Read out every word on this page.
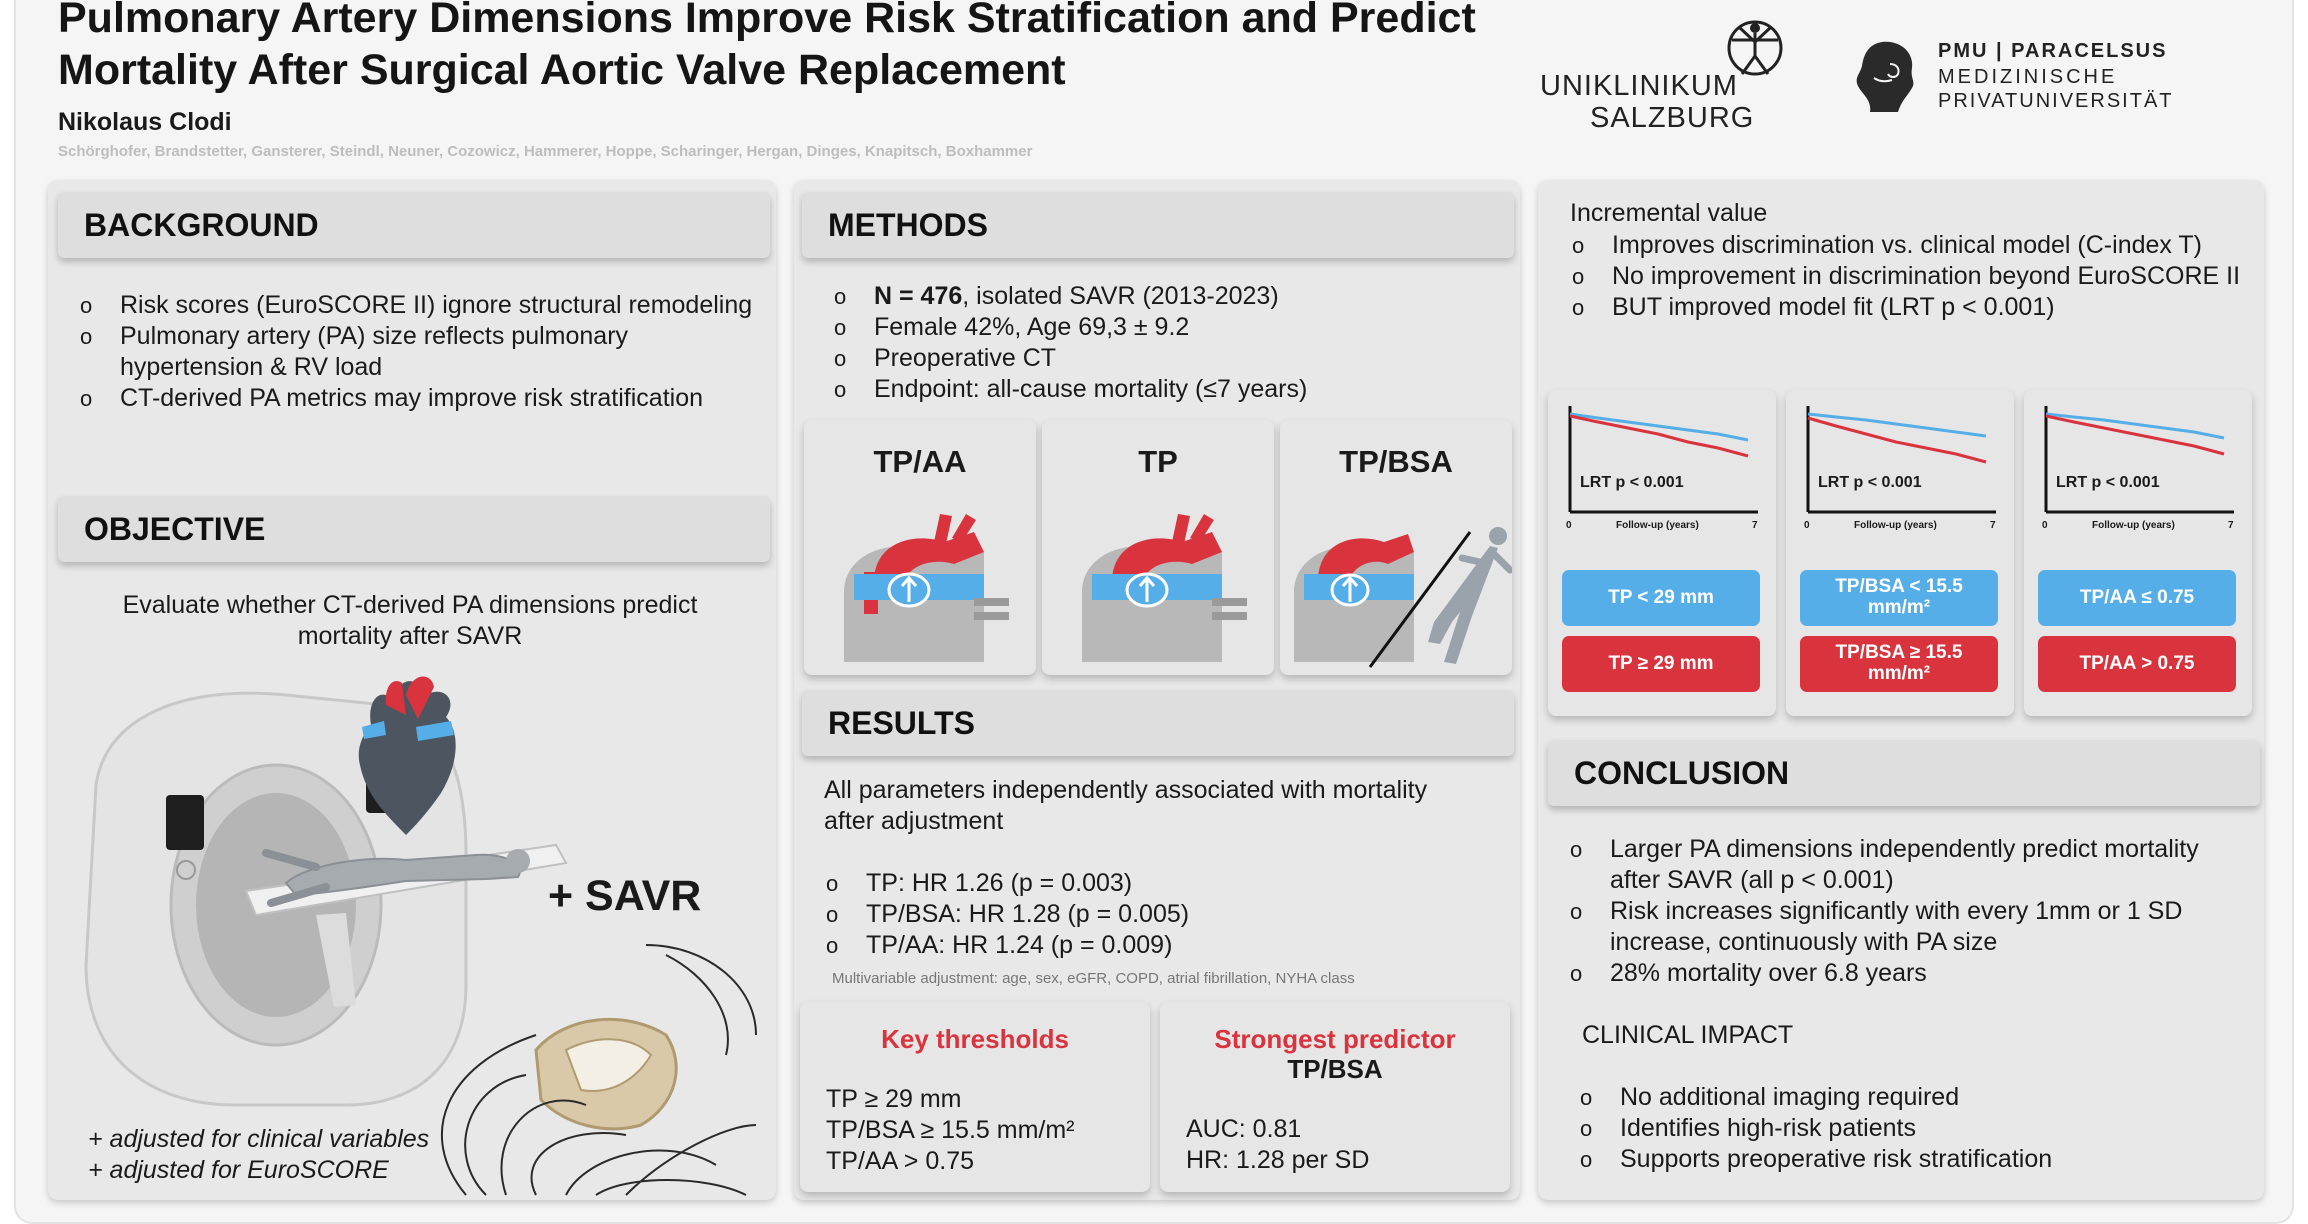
Pulmonary Artery Dimensions Improve Risk Stratification and Predict Mortality After Surgical Aortic Valve Replacement
Nikolaus Clodi
Schörghofer, Brandstetter, Gansterer, Steindl, Neuner, Cozowicz, Hammerer, Hoppe, Scharinger, Hergan, Dinges, Knapitsch, Boxhammer
UNIKLINIKUM
SALZBURG
PMU | PARACELSUS
MEDIZINISCHE
PRIVATUNIVERSITÄT
BACKGROUND
o Risk scores (EuroSCORE II) ignore structural remodeling
o Pulmonary artery (PA) size reflects pulmonary hypertension & RV load
o CT-derived PA metrics may improve risk stratification
OBJECTIVE
Evaluate whether CT-derived PA dimensions predict mortality after SAVR
+ SAVR
+ adjusted for clinical variables
+ adjusted for EuroSCORE
METHODS
o N = 476, isolated SAVR (2013-2023)
o Female 42%, Age 69,3 ± 9.2
o Preoperative CT
o Endpoint: all-cause mortality (≤7 years)
TP/AA	TP	TP/BSA
RESULTS
All parameters independently associated with mortality after adjustment
o TP: HR 1.26 (p = 0.003)
o TP/BSA: HR 1.28 (p = 0.005)
o TP/AA: HR 1.24 (p = 0.009)
Multivariable adjustment: age, sex, eGFR, COPD, atrial fibrillation, NYHA class
Key thresholds
TP ≥ 29 mm
TP/BSA ≥ 15.5 mm/m²
TP/AA > 0.75
Strongest predictor
TP/BSA
AUC: 0.81
HR: 1.28 per SD
Incremental value
o Improves discrimination vs. clinical model (C-index T)
o No improvement in discrimination beyond EuroSCORE II
o BUT improved model fit (LRT p < 0.001)
LRT p < 0.001
0	Follow-up (years)	7
TP < 29 mm
TP ≥ 29 mm
LRT p < 0.001
0	Follow-up (years)	7
TP/BSA < 15.5 mm/m²
TP/BSA ≥ 15.5 mm/m²
LRT p < 0.001
0	Follow-up (years)	7
TP/AA ≤ 0.75
TP/AA > 0.75
CONCLUSION
o Larger PA dimensions independently predict mortality after SAVR (all p < 0.001)
o Risk increases significantly with every 1mm or 1 SD increase, continuously with PA size
o 28% mortality over 6.8 years
CLINICAL IMPACT
o No additional imaging required
o Identifies high-risk patients
o Supports preoperative risk stratification
